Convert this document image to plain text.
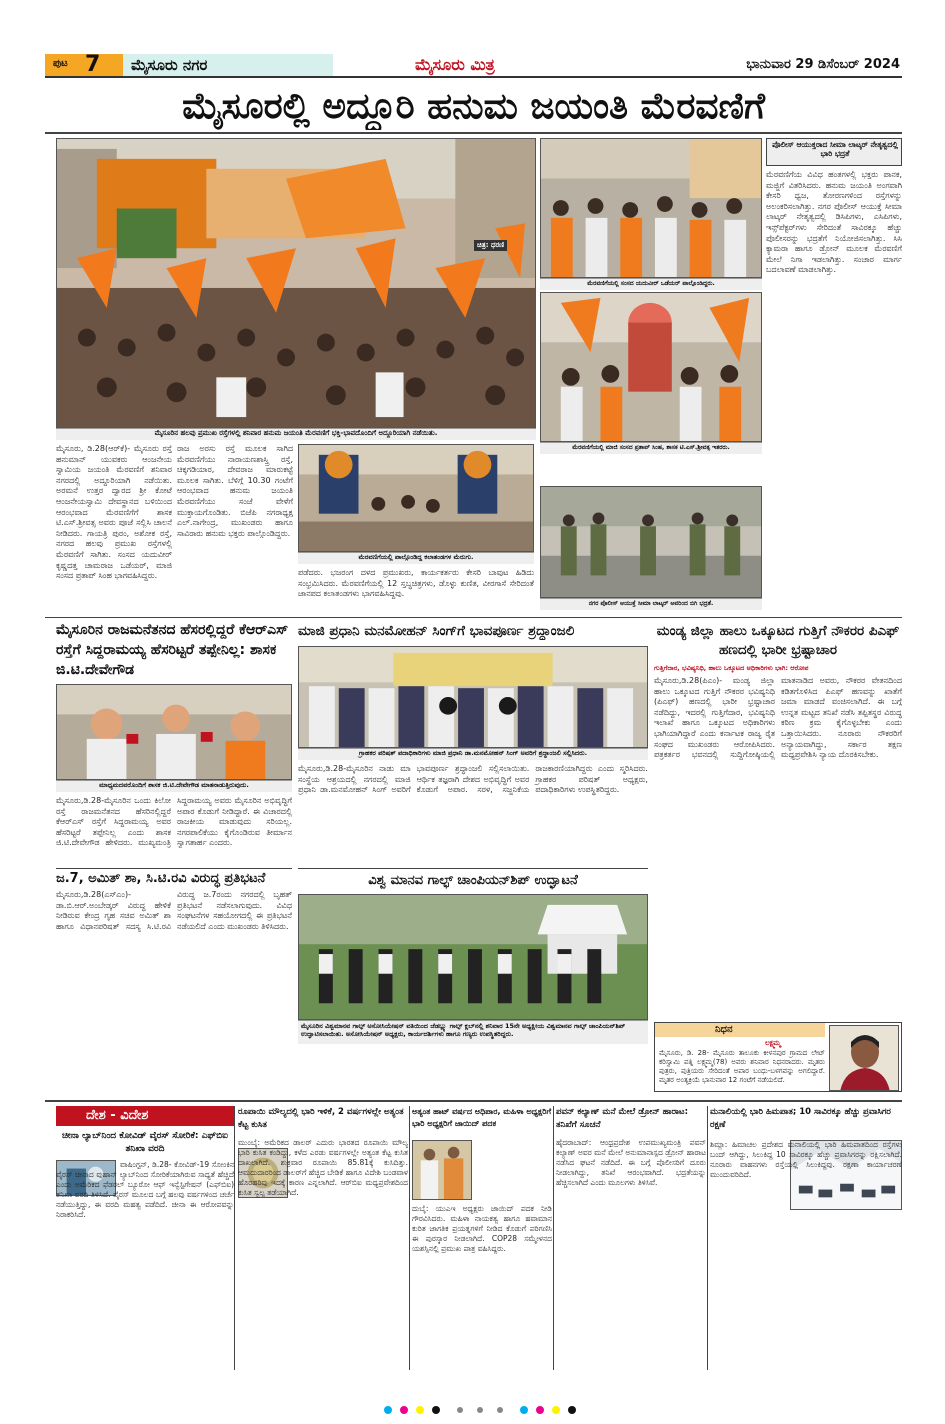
ಪುಟ 7 ಮೈಸೂರು ನಗರ	ಮೈಸೂರು ಮಿತ್ರ	ಭಾನುವಾರ 29 ಡಿಸೆಂಬರ್ 2024
ಮೈಸೂರಲ್ಲಿ ಅದ್ದೂರಿ ಹನುಮ ಜಯಂತಿ ಮೆರವಣಿಗೆ
ಚಿತ್ರ: ಧರಣಿ
ಮೈಸೂರಿನ ಹಲವು ಪ್ರಮುಖ ರಸ್ತೆಗಳಲ್ಲಿ ಶನಿವಾರ ಹನುಮ ಜಯಂತಿ ಮೆರವಣಿಗೆ ಭಕ್ತಿ-ಭಾವದೊಂದಿಗೆ ಅದ್ದೂರಿಯಾಗಿ ನಡೆಯಿತು.
ಮೆರವಣಿಗೆಯಲ್ಲಿ ಸಂಸದ ಯದುವೀರ್ ಒಡೆಯರ್ ಪಾಲ್ಗೊಂಡಿದ್ದರು.
ಮೆರವಣಿಗೆಯಲ್ಲಿ ಮಾಜಿ ಸಂಸದ ಪ್ರತಾಪ್ ಸಿಂಹ, ಶಾಸಕ ಟಿ.ಎಸ್.ಶ್ರೀವತ್ಸ ಇತರರು.
ಪೊಲೀಸ್ ಆಯುಕ್ತರಾದ ಸೀಮಾ ಲಾಟ್ಕರ್ ನೇತೃತ್ವದಲ್ಲಿ ಭಾರಿ ಭದ್ರತೆ
ಮೆರವಣಿಗೆಯ ವಿವಿಧ ಹಂತಗಳಲ್ಲಿ ಭಕ್ತರು ಪಾನಕ, ಮಜ್ಜಿಗೆ ವಿತರಿಸಿದರು. ಹನುಮ ಜಯಂತಿ ಅಂಗವಾಗಿ ಕೇಸರಿ ಧ್ವಜ, ತೋರಣಗಳಿಂದ ರಸ್ತೆಗಳನ್ನು ಅಲಂಕರಿಸಲಾಗಿತ್ತು. ನಗರ ಪೊಲೀಸ್ ಆಯುಕ್ತೆ ಸೀಮಾ ಲಾಟ್ಕರ್ ನೇತೃತ್ವದಲ್ಲಿ ಡಿಸಿಪಿಗಳು, ಎಸಿಪಿಗಳು, ಇನ್ಸ್‌ಪೆಕ್ಟರ್‌ಗಳು ಸೇರಿದಂತೆ ಸಾವಿರಕ್ಕೂ ಹೆಚ್ಚು ಪೊಲೀಸರನ್ನು ಭದ್ರತೆಗೆ ನಿಯೋಜಿಸಲಾಗಿತ್ತು. ಸಿಸಿ ಕ್ಯಾಮರಾ ಹಾಗೂ ಡ್ರೋನ್ ಮೂಲಕ ಮೆರವಣಿಗೆ ಮೇಲೆ ನಿಗಾ ಇಡಲಾಗಿತ್ತು. ಸಂಚಾರ ಮಾರ್ಗ ಬದಲಾವಣೆ ಮಾಡಲಾಗಿತ್ತು.
ಮೆರವಣಿಗೆಯಲ್ಲಿ ಪಾಲ್ಗೊಂಡಿದ್ದ ಕಲಾತಂಡಗಳ ಮೆರುಗು.
ನಗರ ಪೊಲೀಸ್ ಆಯುಕ್ತೆ ಸೀಮಾ ಲಾಟ್ಕರ್ ಅವರಿಂದ ಬಿಗಿ ಭದ್ರತೆ.
ಮೈಸೂರು, ಡಿ.28(ಆರ್‌ಕೆ)- ಮೈಸೂರು ರಸ್ತೆ ಹನುಮಾನ್ ಯುವಕರು ಆಂಜನೇಯ ಸ್ವಾಮಿಯ ಜಯಂತಿ ಮೆರವಣಿಗೆ ಶನಿವಾರ ನಗರದಲ್ಲಿ ಅದ್ದೂರಿಯಾಗಿ ನಡೆಯಿತು. ಅರಮನೆ ಉತ್ತರ ದ್ವಾರದ ಶ್ರೀ ಕೋಟೆ ಆಂಜನೇಯಸ್ವಾಮಿ ದೇವಸ್ಥಾನದ ಬಳಿಯಿಂದ ಆರಂಭವಾದ ಮೆರವಣಿಗೆಗೆ ಶಾಸಕ ಟಿ.ಎಸ್.ಶ್ರೀವತ್ಸ ಅವರು ಪೂಜೆ ಸಲ್ಲಿಸಿ ಚಾಲನೆ ನೀಡಿದರು. ಗಾಯತ್ರಿ ಪುರಂ, ಅಶೋಕ ರಸ್ತೆ, ನಗರದ ಹಲವು ಪ್ರಮುಖ ರಸ್ತೆಗಳಲ್ಲಿ ಮೆರವಣಿಗೆ ಸಾಗಿತು. ಸಂಸದ ಯದುವೀರ್ ಕೃಷ್ಣದತ್ತ ಚಾಮರಾಜ ಒಡೆಯರ್, ಮಾಜಿ ಸಂಸದ ಪ್ರತಾಪ್ ಸಿಂಹ ಭಾಗವಹಿಸಿದ್ದರು.
ರಾಜ ಅರಸು ರಸ್ತೆ ಮೂಲಕ ಸಾಗಿದ ಮೆರವಣಿಗೆಯು ನಾರಾಯಣಶಾಸ್ತ್ರಿ ರಸ್ತೆ, ಚಿಕ್ಕಗಡಿಯಾರ, ದೇವರಾಜ ಮಾರುಕಟ್ಟೆ ಮೂಲಕ ಸಾಗಿತು. ಬೆಳಿಗ್ಗೆ 10.30 ಗಂಟೆಗೆ ಆರಂಭವಾದ ಹನುಮ ಜಯಂತಿ ಮೆರವಣಿಗೆಯು ಸಂಜೆ ವೇಳೆಗೆ ಮುಕ್ತಾಯಗೊಂಡಿತು. ಬಿಜೆಪಿ ನಗರಾಧ್ಯಕ್ಷ ಎಲ್.ನಾಗೇಂದ್ರ, ಮುಖಂಡರು ಹಾಗೂ ಸಾವಿರಾರು ಹನುಮ ಭಕ್ತರು ಪಾಲ್ಗೊಂಡಿದ್ದರು.
ಪಡೆದರು. ಭಜರಂಗ ದಳದ ಪ್ರಮುಖರು, ಕಾರ್ಯಕರ್ತರು ಕೇಸರಿ ಬಾವುಟ ಹಿಡಿದು ಸಂಭ್ರಮಿಸಿದರು. ಮೆರವಣಿಗೆಯಲ್ಲಿ 12 ಸ್ತಬ್ಧಚಿತ್ರಗಳು, ಡೊಳ್ಳು ಕುಣಿತ, ವೀರಗಾಸೆ ಸೇರಿದಂತೆ ಜಾನಪದ ಕಲಾತಂಡಗಳು ಭಾಗವಹಿಸಿದ್ದವು.
ಮೈಸೂರಿನ ರಾಜಮನೆತನದ ಹೆಸರಲ್ಲಿದ್ದರೆ ಕೆಆರ್‌ಎಸ್ ರಸ್ತೆಗೆ ಸಿದ್ದರಾಮಯ್ಯ ಹೆಸರಿಟ್ಟರೆ ತಪ್ಪೇನಿಲ್ಲ: ಶಾಸಕ ಜಿ.ಟಿ.ದೇವೇಗೌಡ
ಮಾಧ್ಯಮದವರೊಂದಿಗೆ ಶಾಸಕ ಜಿ.ಟಿ.ದೇವೇಗೌಡ ಮಾತನಾಡುತ್ತಿರುವುದು.
ಮೈಸೂರು,ಡಿ.28-ಮೈಸೂರಿನ ಒಂದು ಕಿಲೋ ರಸ್ತೆ ರಾಜಮನೆತನದ ಹೆಸರಿನಲ್ಲಿದ್ದರೆ ಕೆಆರ್‌ಎಸ್ ರಸ್ತೆಗೆ ಸಿದ್ದರಾಮಯ್ಯ ಅವರ ಹೆಸರಿಟ್ಟರೆ ತಪ್ಪೇನಿಲ್ಲ ಎಂದು ಶಾಸಕ ಜಿ.ಟಿ.ದೇವೇಗೌಡ ಹೇಳಿದರು. ಮುಖ್ಯಮಂತ್ರಿ ಸಿದ್ದರಾಮಯ್ಯ ಅವರು ಮೈಸೂರಿನ ಅಭಿವೃದ್ಧಿಗೆ ಅಪಾರ ಕೊಡುಗೆ ನೀಡಿದ್ದಾರೆ. ಈ ವಿಚಾರದಲ್ಲಿ ರಾಜಕೀಯ ಮಾಡುವುದು ಸರಿಯಲ್ಲ. ನಗರಪಾಲಿಕೆಯು ಕೈಗೊಂಡಿರುವ ತೀರ್ಮಾನ ಸ್ವಾಗತಾರ್ಹ ಎಂದರು.
ಜ.7, ಅಮಿತ್ ಶಾ, ಸಿ.ಟಿ.ರವಿ ವಿರುದ್ಧ ಪ್ರತಿಭಟನೆ
ಮೈಸೂರು,ಡಿ.28(ಎಸ್‌ಎಂ)- ಡಾ.ಬಿ.ಆರ್.ಅಂಬೇಡ್ಕರ್ ವಿರುದ್ಧ ಹೇಳಿಕೆ ನೀಡಿರುವ ಕೇಂದ್ರ ಗೃಹ ಸಚಿವ ಅಮಿತ್ ಶಾ ಹಾಗೂ ವಿಧಾನಪರಿಷತ್ ಸದಸ್ಯ ಸಿ.ಟಿ.ರವಿ ವಿರುದ್ಧ ಜ.7ರಂದು ನಗರದಲ್ಲಿ ಬೃಹತ್ ಪ್ರತಿಭಟನೆ ನಡೆಸಲಾಗುವುದು. ವಿವಿಧ ಸಂಘಟನೆಗಳ ಸಹಯೋಗದಲ್ಲಿ ಈ ಪ್ರತಿಭಟನೆ ನಡೆಯಲಿದೆ ಎಂದು ಮುಖಂಡರು ತಿಳಿಸಿದರು.
ಮಾಜಿ ಪ್ರಧಾನಿ ಮನಮೋಹನ್ ಸಿಂಗ್‌ಗೆ ಭಾವಪೂರ್ಣ ಶ್ರದ್ಧಾಂಜಲಿ
ಗ್ರಾಹಕರ ಪರಿಷತ್ ಪದಾಧಿಕಾರಿಗಳು ಮಾಜಿ ಪ್ರಧಾನಿ ಡಾ.ಮನಮೋಹನ್ ಸಿಂಗ್ ಅವರಿಗೆ ಶ್ರದ್ಧಾಂಜಲಿ ಸಲ್ಲಿಸಿದರು.
ಮೈಸೂರು,ಡಿ.28-ಮೈಸೂರಿನ ನಾಡು ಮಾ ಸಂಸ್ಥೆಯ ಆಶ್ರಯದಲ್ಲಿ ನಗರದಲ್ಲಿ ಮಾಜಿ ಪ್ರಧಾನಿ ಡಾ.ಮನಮೋಹನ್ ಸಿಂಗ್ ಅವರಿಗೆ ಭಾವಪೂರ್ಣ ಶ್ರದ್ಧಾಂಜಲಿ ಸಲ್ಲಿಸಲಾಯಿತು. ಆರ್ಥಿಕ ತಜ್ಞರಾಗಿ ದೇಶದ ಅಭಿವೃದ್ಧಿಗೆ ಅವರ ಕೊಡುಗೆ ಅಪಾರ. ಸರಳ, ಸಜ್ಜನಿಕೆಯ ರಾಜಕಾರಣಿಯಾಗಿದ್ದರು ಎಂದು ಸ್ಮರಿಸಿದರು. ಗ್ರಾಹಕರ ಪರಿಷತ್ ಅಧ್ಯಕ್ಷರು, ಪದಾಧಿಕಾರಿಗಳು ಉಪಸ್ಥಿತರಿದ್ದರು.
ವಿಶ್ವ ಮಾನವ ಗಾಲ್ಫ್ ಚಾಂಪಿಯನ್‌ಶಿಪ್ ಉದ್ಘಾಟನೆ
ಮೈಸೂರಿನ ವಿಶ್ವಮಾನವ ಗಾಲ್ಫ್ ಅಸೋಸಿಯೇಷನ್ ವತಿಯಿಂದ ಜೆಡಬ್ಲ್ಯು ಗಾಲ್ಫ್ ಕ್ಲಬ್‌ನಲ್ಲಿ ಶನಿವಾರ 15ನೇ ಅಧ್ಯಕ್ಷೀಯ ವಿಶ್ವಮಾನವ ಗಾಲ್ಫ್ ಚಾಂಪಿಯನ್‌ಶಿಪ್ ಉದ್ಘಾಟಿಸಲಾಯಿತು. ಅಸೋಸಿಯೇಷನ್ ಅಧ್ಯಕ್ಷರು, ಕಾರ್ಯದರ್ಶಿಗಳು ಹಾಗೂ ಗಣ್ಯರು ಉಪಸ್ಥಿತರಿದ್ದರು.
ಮಂಡ್ಯ ಜಿಲ್ಲಾ ಹಾಲು ಒಕ್ಕೂಟದ ಗುತ್ತಿಗೆ ನೌಕರರ ಪಿಎಫ್ ಹಣದಲ್ಲಿ ಭಾರೀ ಭ್ರಷ್ಟಾಚಾರ
ಗುತ್ತಿಗೆದಾರ, ಭವಿಷ್ಯನಿಧಿ, ಹಾಲು ಒಕ್ಕೂಟದ ಅಧಿಕಾರಿಗಳು ಭಾಗಿ: ಆರೋಪ
ಮೈಸೂರು,ಡಿ.28(ಪಿಎಂ)- ಮಂಡ್ಯ ಜಿಲ್ಲಾ ಹಾಲು ಒಕ್ಕೂಟದ ಗುತ್ತಿಗೆ ನೌಕರರ ಭವಿಷ್ಯನಿಧಿ (ಪಿಎಫ್) ಹಣದಲ್ಲಿ ಭಾರೀ ಭ್ರಷ್ಟಾಚಾರ ನಡೆದಿದ್ದು, ಇದರಲ್ಲಿ ಗುತ್ತಿಗೆದಾರ, ಭವಿಷ್ಯನಿಧಿ ಇಲಾಖೆ ಹಾಗೂ ಒಕ್ಕೂಟದ ಅಧಿಕಾರಿಗಳು ಭಾಗಿಯಾಗಿದ್ದಾರೆ ಎಂದು ಕರ್ನಾಟಕ ರಾಜ್ಯ ರೈತ ಸಂಘದ ಮುಖಂಡರು ಆರೋಪಿಸಿದರು. ಪತ್ರಕರ್ತರ ಭವನದಲ್ಲಿ ಸುದ್ದಿಗೋಷ್ಠಿಯಲ್ಲಿ ಮಾತನಾಡಿದ ಅವರು, ನೌಕರರ ವೇತನದಿಂದ ಕಡಿತಗೊಳಿಸಿದ ಪಿಎಫ್ ಹಣವನ್ನು ಖಾತೆಗೆ ಜಮಾ ಮಾಡದೆ ವಂಚಿಸಲಾಗಿದೆ. ಈ ಬಗ್ಗೆ ಉನ್ನತ ಮಟ್ಟದ ತನಿಖೆ ನಡೆಸಿ ತಪ್ಪಿತಸ್ಥರ ವಿರುದ್ಧ ಕಠಿಣ ಕ್ರಮ ಕೈಗೊಳ್ಳಬೇಕು ಎಂದು ಒತ್ತಾಯಿಸಿದರು. ನೂರಾರು ನೌಕರರಿಗೆ ಅನ್ಯಾಯವಾಗಿದ್ದು, ಸರ್ಕಾರ ತಕ್ಷಣ ಮಧ್ಯಪ್ರವೇಶಿಸಿ ನ್ಯಾಯ ದೊರಕಿಸಬೇಕು.
ನಿಧನ
ಲಕ್ಷ್ಮಮ್ಮ
ಮೈಸೂರು, ಡಿ. 28- ಮೈಸೂರು ತಾಲೂಕು ಕೀಳನಪುರ ಗ್ರಾಮದ ಲೇಟ್ ಕರಿಸ್ವಾಮಿ ಪತ್ನಿ ಲಕ್ಷ್ಮಮ್ಮ(78) ಅವರು ಶನಿವಾರ ನಿಧನರಾದರು. ಮೃತರು ಪುತ್ರರು, ಪುತ್ರಿಯರು ಸೇರಿದಂತೆ ಅಪಾರ ಬಂಧು-ಬಳಗವನ್ನು ಅಗಲಿದ್ದಾರೆ. ಮೃತರ ಅಂತ್ಯಕ್ರಿಯೆ ಭಾನುವಾರ 12 ಗಂಟೆಗೆ ನಡೆಯಲಿದೆ.
ದೇಶ - ವಿದೇಶ
ಚೀನಾ ಲ್ಯಾಬ್‌ನಿಂದ ಕೋವಿಡ್ ವೈರಸ್ ಸೋರಿಕೆ: ಎಫ್‌ಬಿಐ ತನಿಖಾ ವರದಿ
ವಾಷಿಂಗ್ಟನ್, ಡಿ.28- ಕೋವಿಡ್-19 ಸೋಂಕಿನ ವೈರಸ್ ಚೀನಾದ ವುಹಾನ್ ಲ್ಯಾಬ್‌ನಿಂದ ಸೋರಿಕೆಯಾಗಿರುವ ಸಾಧ್ಯತೆ ಹೆಚ್ಚಿದೆ ಎಂದು ಅಮೆರಿಕದ ಫೆಡರಲ್ ಬ್ಯೂರೋ ಆಫ್ ಇನ್ವೆಸ್ಟಿಗೇಷನ್ (ಎಫ್‌ಬಿಐ) ತನಿಖಾ ವರದಿ ತಿಳಿಸಿದೆ. ವೈರಸ್ ಮೂಲದ ಬಗ್ಗೆ ಹಲವು ವರ್ಷಗಳಿಂದ ಚರ್ಚೆ ನಡೆಯುತ್ತಿದ್ದು, ಈ ವರದಿ ಮಹತ್ವ ಪಡೆದಿದೆ. ಚೀನಾ ಈ ಆರೋಪವನ್ನು ನಿರಾಕರಿಸಿದೆ.
ರೂಪಾಯಿ ಮೌಲ್ಯದಲ್ಲಿ ಭಾರಿ ಇಳಿಕೆ, 2 ವರ್ಷಗಳಲ್ಲೇ ಅತ್ಯಂತ ಕೆಟ್ಟ ಕುಸಿತ
ಮುಂಬೈ: ಅಮೆರಿಕದ ಡಾಲರ್ ಎದುರು ಭಾರತದ ರೂಪಾಯಿ ಮೌಲ್ಯ ಭಾರಿ ಕುಸಿತ ಕಂಡಿದ್ದು, ಕಳೆದ ಎರಡು ವರ್ಷಗಳಲ್ಲೇ ಅತ್ಯಂತ ಕೆಟ್ಟ ಕುಸಿತ ದಾಖಲಾಗಿದೆ. ಶುಕ್ರವಾರ ರೂಪಾಯಿ 85.81ಕ್ಕೆ ಕುಸಿದಿತ್ತು. ಆಮದುದಾರರಿಂದ ಡಾಲರ್‌ಗೆ ಹೆಚ್ಚಿದ ಬೇಡಿಕೆ ಹಾಗೂ ವಿದೇಶಿ ಬಂಡವಾಳ ಹೊರಹರಿವು ಇದಕ್ಕೆ ಕಾರಣ ಎನ್ನಲಾಗಿದೆ. ಆರ್‌ಬಿಐ ಮಧ್ಯಪ್ರವೇಶದಿಂದ ಕುಸಿತ ಸ್ವಲ್ಪ ತಡೆಯಾಗಿದೆ.
ಅತ್ಯಂತ ಹಾಟ್ ವರ್ಷದ ಅಧಿಪಾರ, ಮಹಿಳಾ ಅಧ್ಯಕ್ಷರಿಗೆ ಭಾರಿ ಅಧ್ಯಕ್ಷರಿಗೆ ಜಾಯಿದ್ ಪದಕ
ದುಬೈ: ಯುಎಇ ಅಧ್ಯಕ್ಷರು ಜಾಯಿದ್ ಪದಕ ನೀಡಿ ಗೌರವಿಸಿದರು. ಮಹಿಳಾ ನಾಯಕತ್ವ ಹಾಗೂ ಹವಾಮಾನ ಕುರಿತ ಜಾಗತಿಕ ಪ್ರಯತ್ನಗಳಿಗೆ ನೀಡಿದ ಕೊಡುಗೆ ಪರಿಗಣಿಸಿ ಈ ಪುರಸ್ಕಾರ ನೀಡಲಾಗಿದೆ. COP28 ಸಮ್ಮೇಳನದ ಯಶಸ್ಸಿನಲ್ಲಿ ಪ್ರಮುಖ ಪಾತ್ರ ವಹಿಸಿದ್ದರು.
ಪವನ್ ಕಲ್ಯಾಣ್ ಮನೆ ಮೇಲೆ ಡ್ರೋನ್ ಹಾರಾಟ: ತನಿಖೆಗೆ ಸೂಚನೆ
ಹೈದರಾಬಾದ್: ಆಂಧ್ರಪ್ರದೇಶ ಉಪಮುಖ್ಯಮಂತ್ರಿ ಪವನ್ ಕಲ್ಯಾಣ್ ಅವರ ಮನೆ ಮೇಲೆ ಅನುಮಾನಾಸ್ಪದ ಡ್ರೋನ್ ಹಾರಾಟ ನಡೆಸಿದ ಘಟನೆ ನಡೆದಿದೆ. ಈ ಬಗ್ಗೆ ಪೊಲೀಸರಿಗೆ ದೂರು ನೀಡಲಾಗಿದ್ದು, ತನಿಖೆ ಆರಂಭವಾಗಿದೆ. ಭದ್ರತೆಯನ್ನು ಹೆಚ್ಚಿಸಲಾಗಿದೆ ಎಂದು ಮೂಲಗಳು ತಿಳಿಸಿವೆ.
ಮನಾಲಿಯಲ್ಲಿ ಭಾರಿ ಹಿಮಪಾತ; 10 ಸಾವಿರಕ್ಕೂ ಹೆಚ್ಚು ಪ್ರವಾಸಿಗರ ರಕ್ಷಣೆ
ಶಿಮ್ಲಾ: ಹಿಮಾಚಲ ಪ್ರದೇಶದ ಮನಾಲಿಯಲ್ಲಿ ಭಾರಿ ಹಿಮಪಾತದಿಂದ ರಸ್ತೆಗಳು ಬಂದ್ ಆಗಿದ್ದು, ಸಿಲುಕಿದ್ದ 10 ಸಾವಿರಕ್ಕೂ ಹೆಚ್ಚು ಪ್ರವಾಸಿಗರನ್ನು ರಕ್ಷಿಸಲಾಗಿದೆ. ನೂರಾರು ವಾಹನಗಳು ರಸ್ತೆಯಲ್ಲಿ ಸಿಲುಕಿದ್ದವು. ರಕ್ಷಣಾ ಕಾರ್ಯಾಚರಣೆ ಮುಂದುವರಿದಿದೆ.
